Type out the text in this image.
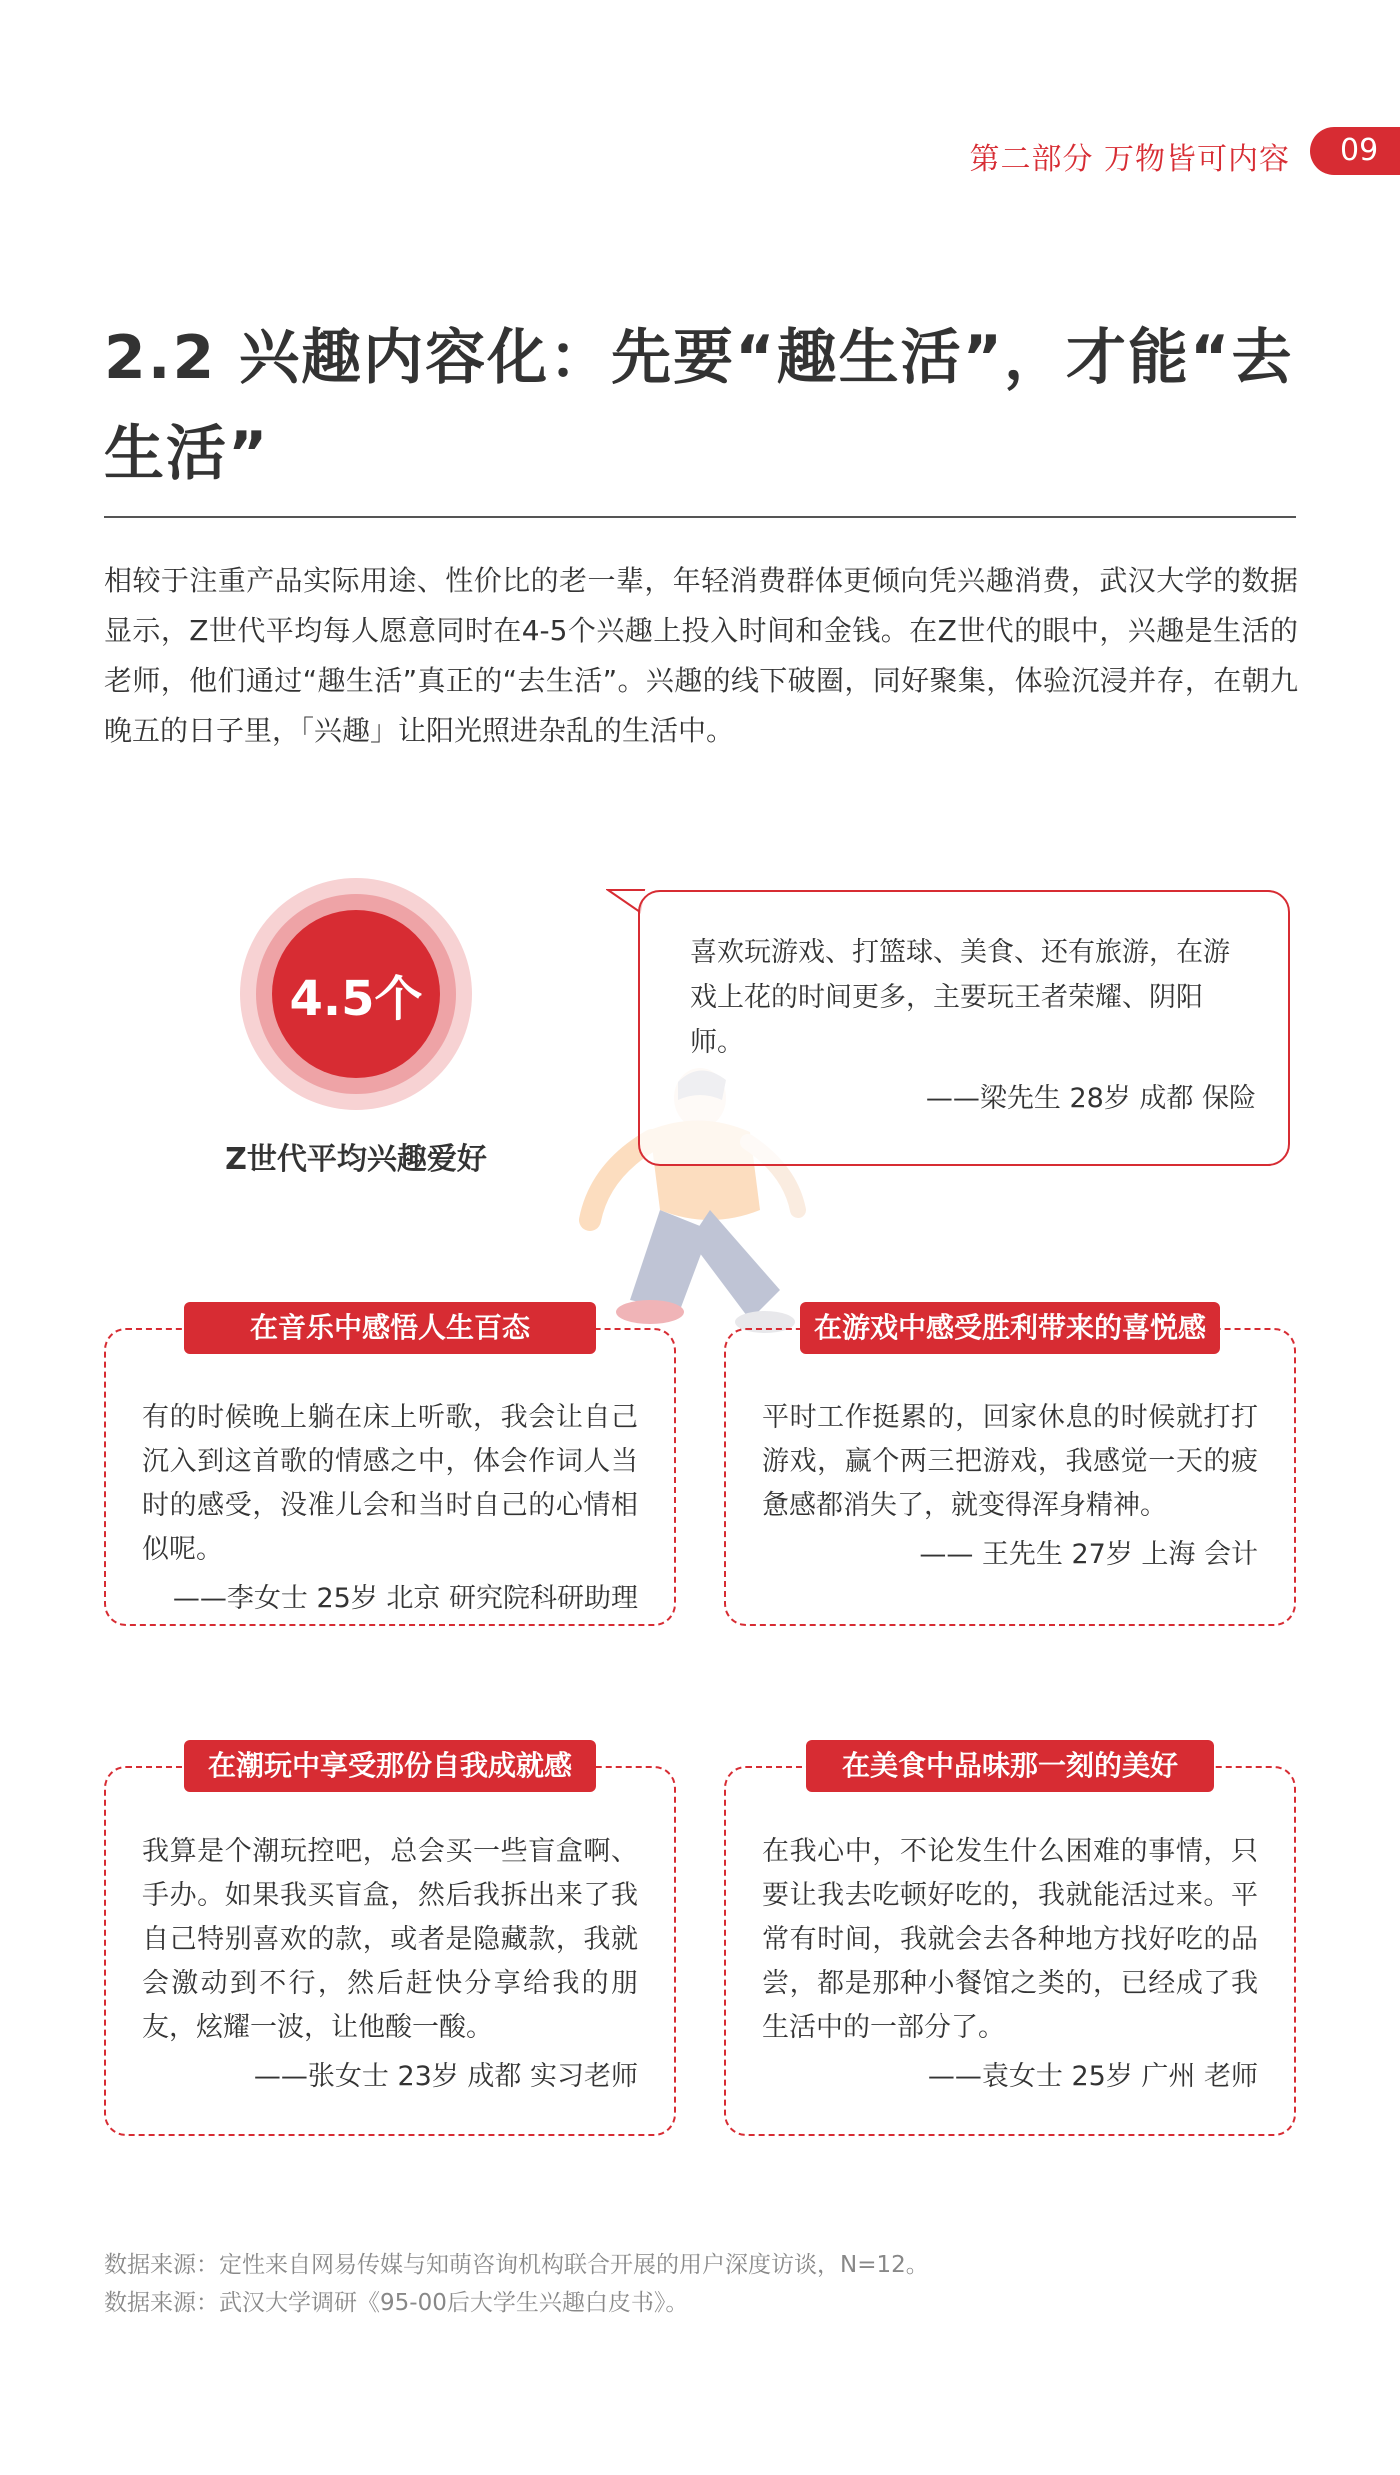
第二部分 万物皆可内容	09
2.2 兴趣内容化：先要“趣生活”，才能“去生活”
相较于注重产品实际用途、性价比的老一辈，年轻消费群体更倾向凭兴趣消费，武汉大学的数据显示，Z世代平均每人愿意同时在4-5个兴趣上投入时间和金钱。在Z世代的眼中，兴趣是生活的老师，他们通过“趣生活”真正的“去生活”。兴趣的线下破圈，同好聚集，体验沉浸并存，在朝九晚五的日子里，「兴趣」让阳光照进杂乱的生活中。
4.5个
Z世代平均兴趣爱好
喜欢玩游戏、打篮球、美食、还有旅游，在游戏上花的时间更多，主要玩王者荣耀、阴阳师。
——梁先生 28岁 成都 保险
在音乐中感悟人生百态
有的时候晚上躺在床上听歌，我会让自己沉入到这首歌的情感之中，体会作词人当时的感受，没准儿会和当时自己的心情相似呢。
——李女士 25岁 北京 研究院科研助理
在游戏中感受胜利带来的喜悦感
平时工作挺累的，回家休息的时候就打打游戏，赢个两三把游戏，我感觉一天的疲惫感都消失了，就变得浑身精神。
—— 王先生 27岁 上海 会计
在潮玩中享受那份自我成就感
我算是个潮玩控吧，总会买一些盲盒啊、手办。如果我买盲盒，然后我拆出来了我自己特别喜欢的款，或者是隐藏款，我就会激动到不行，然后赶快分享给我的朋友，炫耀一波，让他酸一酸。
——张女士 23岁 成都 实习老师
在美食中品味那一刻的美好
在我心中，不论发生什么困难的事情，只要让我去吃顿好吃的，我就能活过来。平常有时间，我就会去各种地方找好吃的品尝，都是那种小餐馆之类的，已经成了我生活中的一部分了。
——袁女士 25岁 广州 老师
数据来源：定性来自网易传媒与知萌咨询机构联合开展的用户深度访谈，N=12。
数据来源：武汉大学调研《95-00后大学生兴趣白皮书》。
